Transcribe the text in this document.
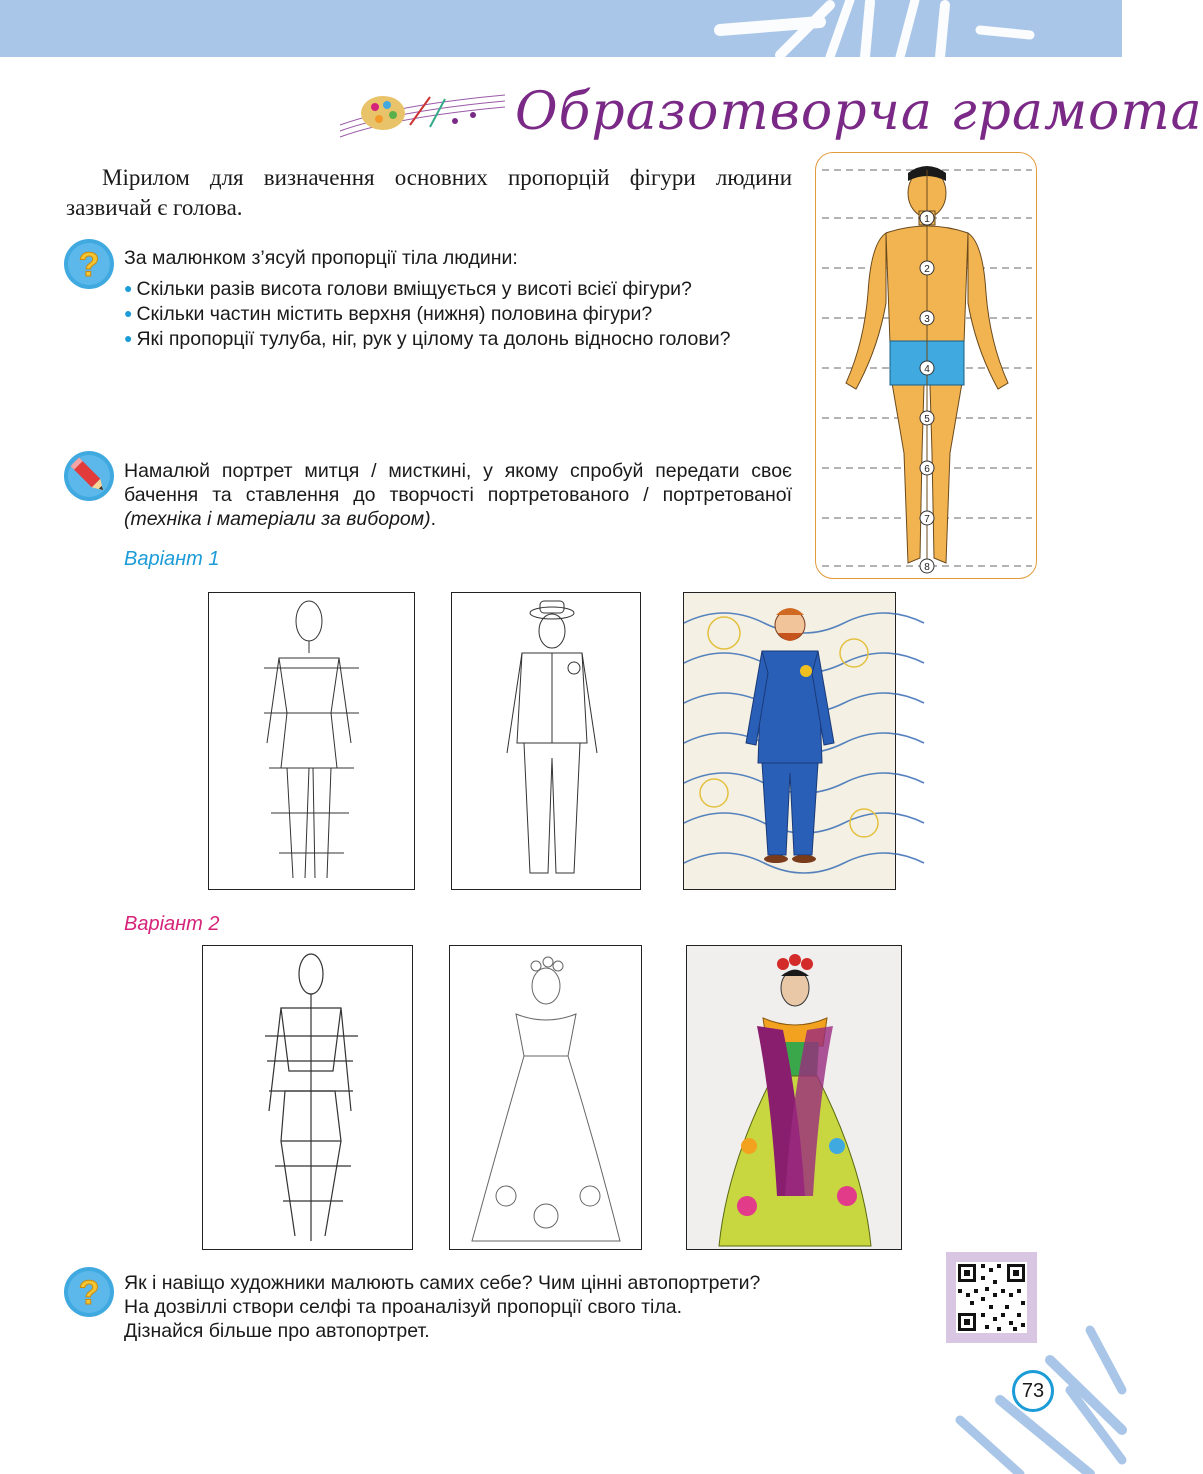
Образотворча грамота
Мірилом для визначення основних пропорцій фігури людини зазвичай є голова.
? За малюнком з’ясуй пропорції тіла людини:

● Скільки разів висота голови вміщується у висоті всієї фігури?

● Скільки частин містить верхня (нижня) половина фігури?

● Які пропорції тулуба, ніг, рук у цілому та долонь відносно голови?

Намалюй портрет митця / мисткині, у якому спробуй передати своє бачення та ставлення до творчості портретованого / портретованої (техніка і матеріали за вибором).

1
2
3
4
5
6
7
8
Варіант 1
Варіант 2
? Як і навіщо художники малюють самих себе? Чим цінні автопортрети?

На дозвіллі створи селфі та проаналізуй пропорції свого тіла.

Дізнайся більше про автопортрет.

73
